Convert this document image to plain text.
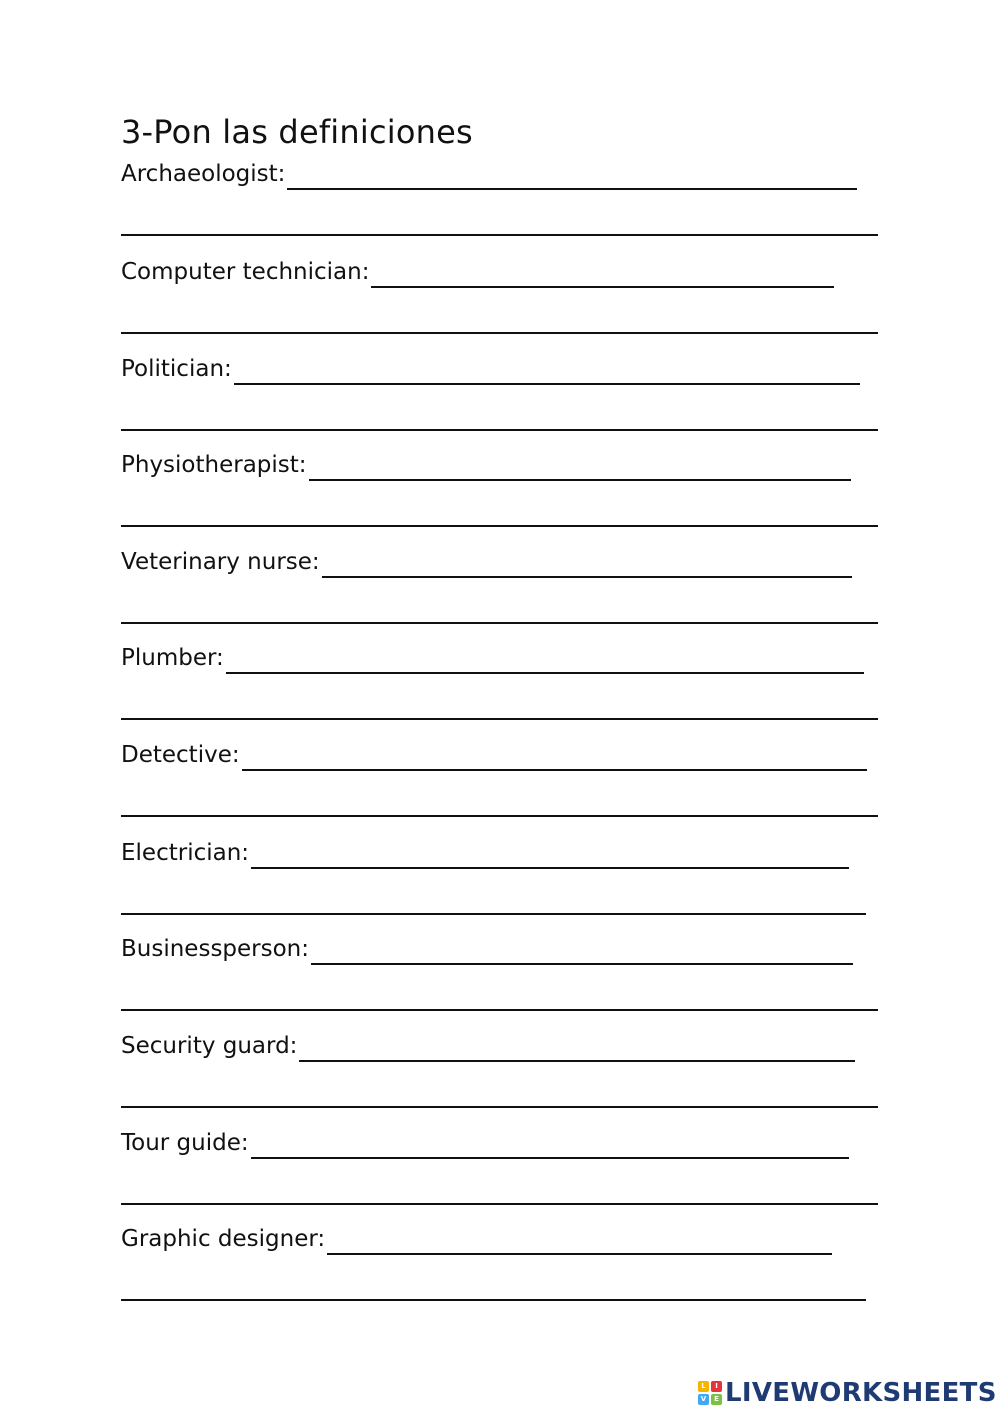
3-Pon las definiciones
Archaeologist:
Computer technician:
Politician:
Physiotherapist:
Veterinary nurse:
Plumber:
Detective:
Electrician:
Businessperson:
Security guard:
Tour guide:
Graphic designer:
L	I
V	E LIVEWORKSHEETS
